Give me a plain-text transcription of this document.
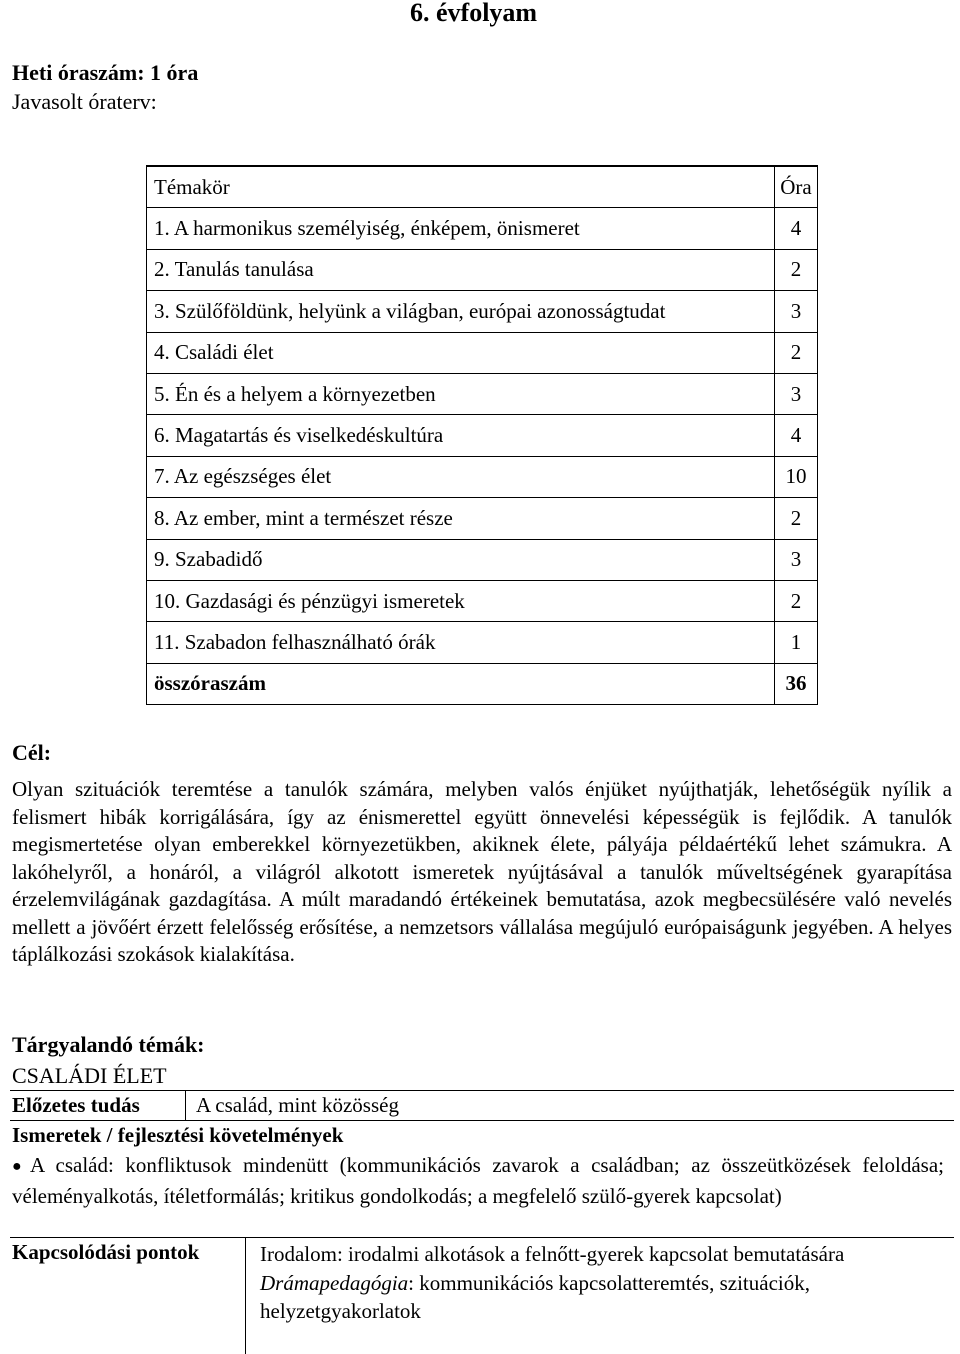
6. évfolyam
Heti óraszám: 1 óra
Javasolt óraterv:
Témakör	Óra
1. A harmonikus személyiség, énképem, önismeret	4
2. Tanulás tanulása	2
3. Szülőföldünk, helyünk a világban, európai azonosságtudat	3
4. Családi élet	2
5. Én és a helyem a környezetben	3
6. Magatartás és viselkedéskultúra	4
7. Az egészséges élet	10
8. Az ember, mint a természet része	2
9. Szabadidő	3
10. Gazdasági és pénzügyi ismeretek	2
11. Szabadon felhasználható órák	1
összóraszám	36
Cél:
Olyan szituációk teremtése a tanulók számára, melyben valós énjüket nyújthatják, lehetőségük nyílik a felismert hibák korrigálására, így az énismerettel együtt önnevelési képességük is fejlődik. A tanulók megismertetése olyan emberekkel környezetükben, akiknek élete, pályája példaértékű lehet számukra. A lakóhelyről, a honáról, a világról alkotott ismeretek nyújtásával a tanulók műveltségének gyarapítása érzelemvilágának gazdagítása. A múlt maradandó értékeinek bemutatása, azok megbecsülésére való nevelés mellett a jövőért érzett felelősség erősítése, a nemzetsors vállalása megújuló európaiságunk jegyében. A helyes táplálkozási szokások kialakítása.
Tárgyalandó témák:
CSALÁDI ÉLET
Előzetes tudás	A család, mint közösség
Ismeretek / fejlesztési követelmények
● A család: konfliktusok mindenütt (kommunikációs zavarok a családban; az összeütközések feloldása; véleményalkotás, ítéletformálás; kritikus gondolkodás; a megfelelő szülő-gyerek kapcsolat)
Kapcsolódási pontok	Irodalom: irodalmi alkotások a felnőtt-gyerek kapcsolat bemutatására
Drámapedagógia: kommunikációs kapcsolatteremtés, szituációk, helyzetgyakorlatok
